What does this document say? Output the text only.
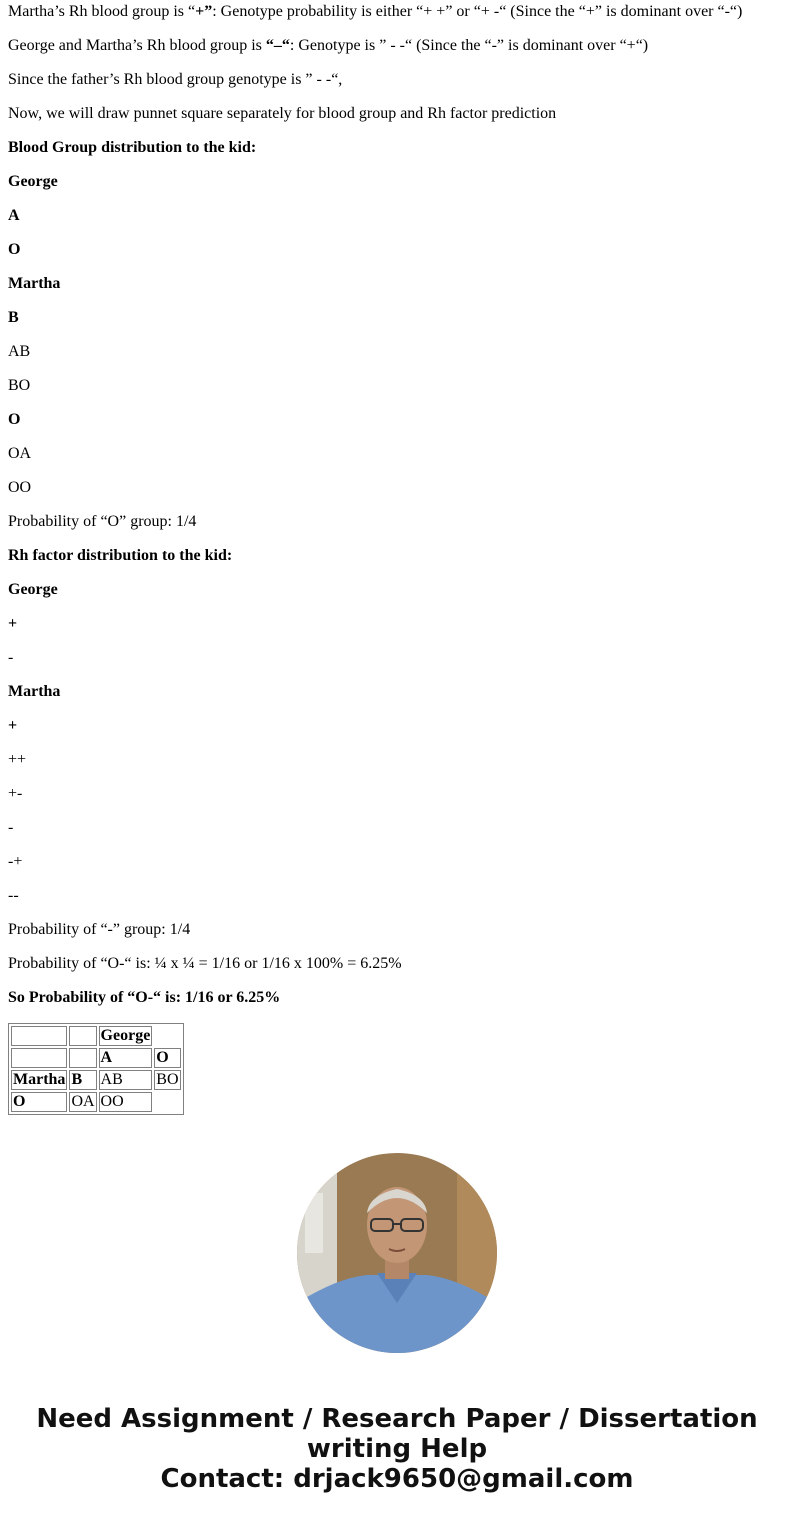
Martha’s Rh blood group is “+”: Genotype probability is either “+ +” or “+ -“ (Since the “+” is dominant over “-“)

George and Martha’s Rh blood group is “–“: Genotype is ” - -“ (Since the “-” is dominant over “+“)

Since the father’s Rh blood group genotype is ” - -“,

Now, we will draw punnet square separately for blood group and Rh factor prediction

Blood Group distribution to the kid:

George

A

O

Martha

B

AB

BO

O

OA

OO

Probability of “O” group: 1/4

Rh factor distribution to the kid:

George

+

-

Martha

+

++

+-

-

-+

--

Probability of “-” group: 1/4

Probability of “O-“ is: ¼ x ¼ = 1/16 or 1/16 x 100% = 6.25%

So Probability of “O-“ is: 1/16 or 6.25%

		George	
		A	O
Martha	B	AB	BO
O	OA	OO	
Need Assignment / Research Paper / Dissertation writing Help
Contact: drjack9650@gmail.com
